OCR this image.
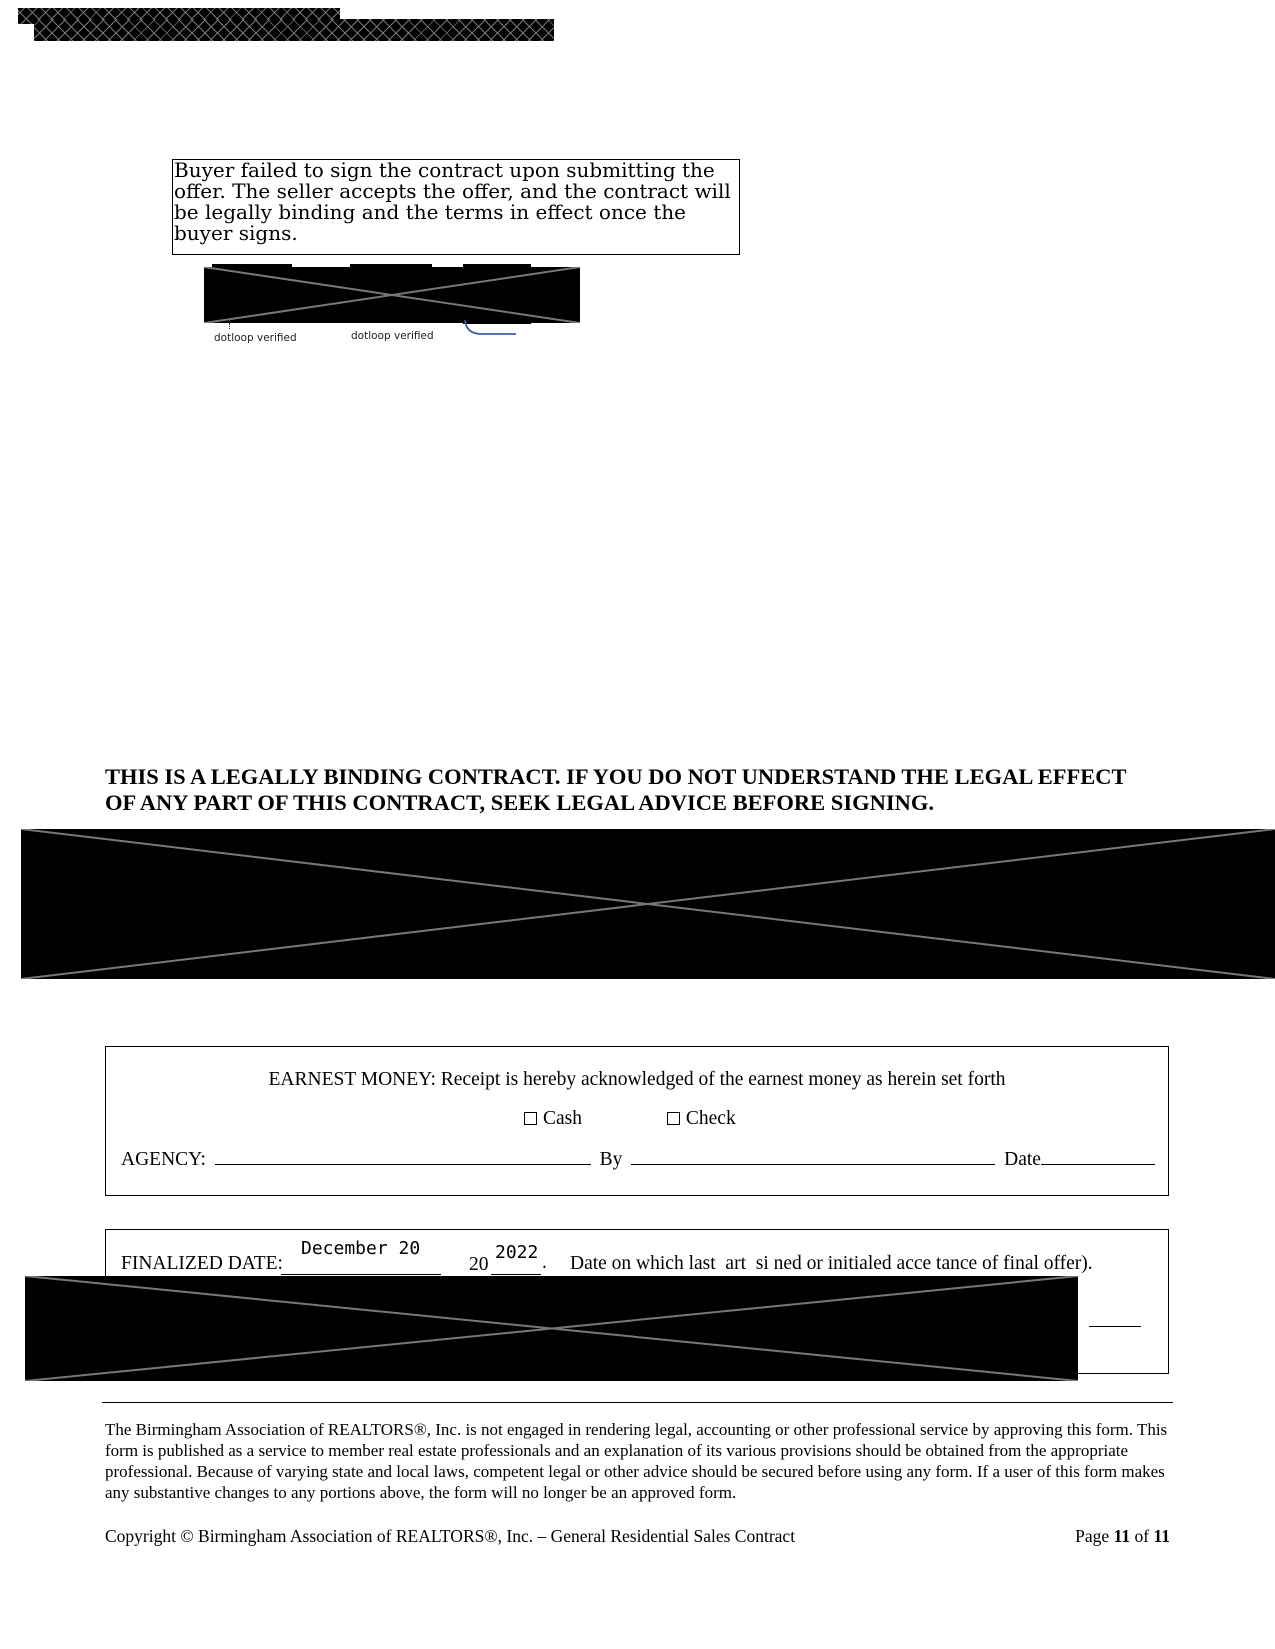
Buyer failed to sign the contract upon submitting the offer. The seller accepts the offer, and the contract will be legally binding and the terms in effect once the buyer signs.
dotloop verified	dotloop verified
THIS IS A LEGALLY BINDING CONTRACT. IF YOU DO NOT UNDERSTAND THE LEGAL EFFECT
OF ANY PART OF THIS CONTRACT, SEEK LEGAL ADVICE BEFORE SIGNING.
EARNEST MONEY: Receipt is hereby acknowledged of the earnest money as herein set forth
Cash	Check
AGENCY:	By	Date
FINALIZED DATE:
December 20
20
2022 . Date on which last  art  si ned or initialed acce tance of final offer).
The Birmingham Association of REALTORS®, Inc. is not engaged in rendering legal, accounting or other professional service by approving this form. This form is published as a service to member real estate professionals and an explanation of its various provisions should be obtained from the appropriate professional. Because of varying state and local laws, competent legal or other advice should be secured before using any form. If a user of this form makes any substantive changes to any portions above, the form will no longer be an approved form.
Copyright © Birmingham Association of REALTORS®, Inc. – General Residential Sales Contract	Page 11 of 11
